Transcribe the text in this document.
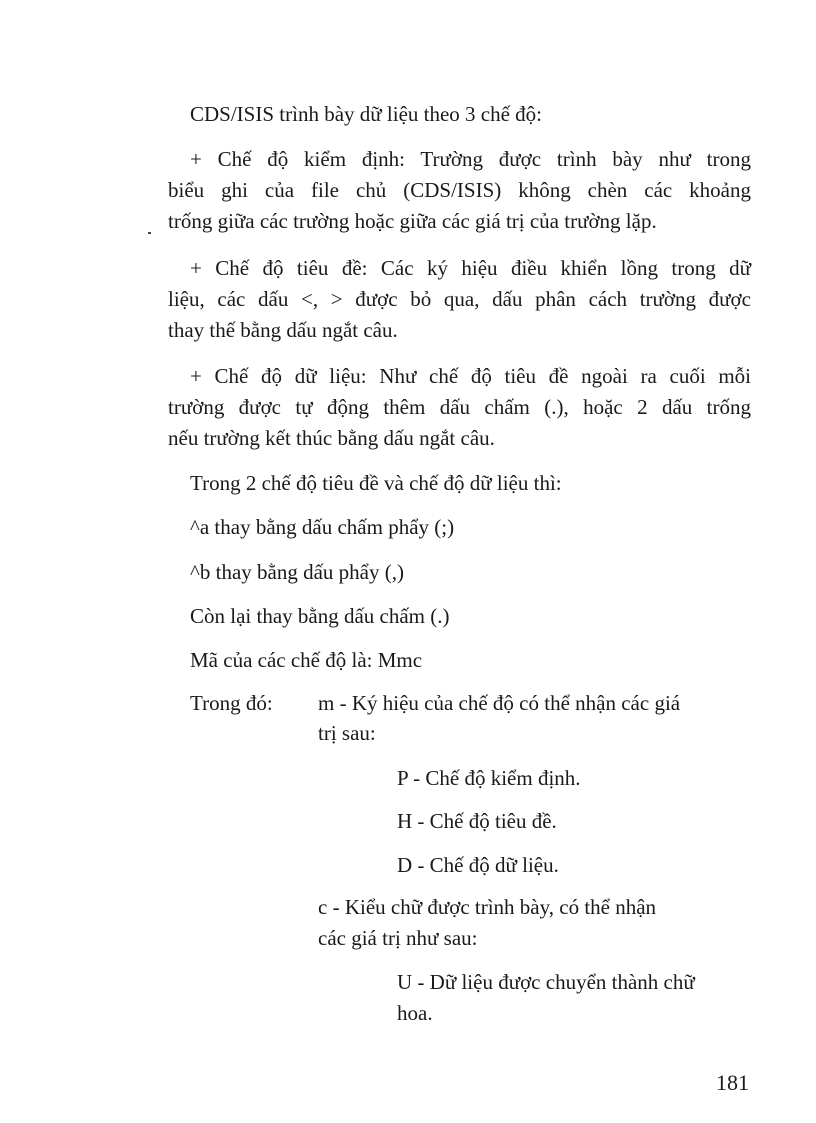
CDS/ISIS trình bày dữ liệu theo 3 chế độ:

+ Chế độ kiểm định: Trường được trình bày như trong

biểu ghi của file chủ (CDS/ISIS) không chèn các khoảng

trống giữa các trường hoặc giữa các giá trị của trường lặp.

+ Chế độ tiêu đề: Các ký hiệu điều khiển lồng trong dữ

liệu, các dấu <, > được bỏ qua, dấu phân cách trường được

thay thế bằng dấu ngắt câu.

+ Chế độ dữ liệu: Như chế độ tiêu đề ngoài ra cuối mỗi

trường được tự động thêm dấu chấm (.), hoặc 2 dấu trống

nếu trường kết thúc bằng dấu ngắt câu.

Trong 2 chế độ tiêu đề và chế độ dữ liệu thì:

^a thay bằng dấu chấm phẩy (;)

^b thay bằng dấu phẩy (,)

Còn lại thay bằng dấu chấm (.)

Mã của các chế độ là: Mmc

Trong đó: m - Ký hiệu của chế độ có thể nhận các giá

trị sau:

P - Chế độ kiểm định.

H - Chế độ tiêu đề.

D - Chế độ dữ liệu.

c - Kiểu chữ được trình bày, có thể nhận

các giá trị như sau:

U - Dữ liệu được chuyển thành chữ

hoa.

181
